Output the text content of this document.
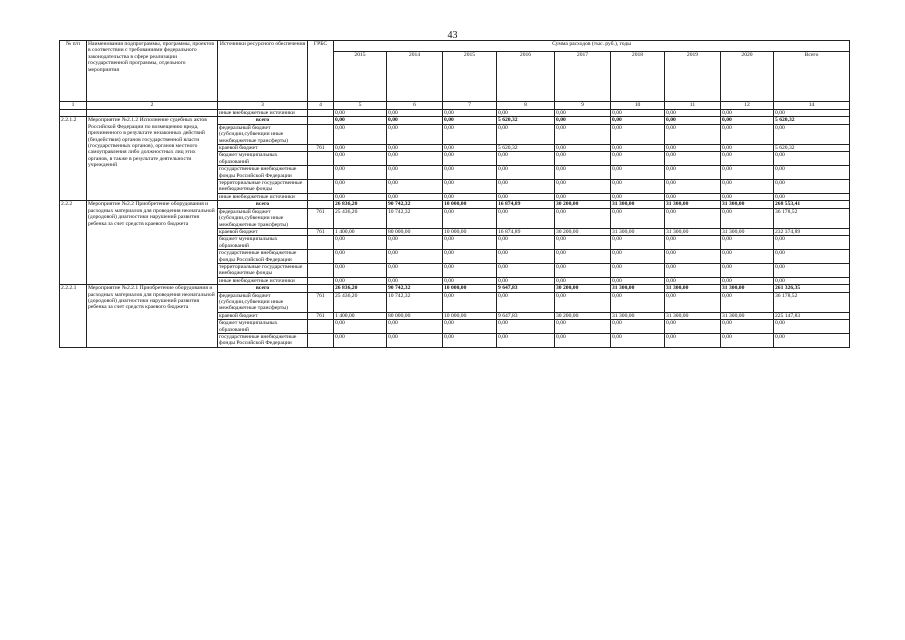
43
№ п/п	Наименования подпрограммы, программы, проектов в соответствии с требованиями федерального законодательства в сфере реализации государственной программы, отдельного мероприятия	Источники ресурсного обеспечения	ГРБС	Сумма расходов (тыс. руб.), годы								
				2015	2014	2015	2016	2017	2018	2019	2020	Всего
1	2	3	4	5	6	7	8	9	10	11	12	14
		иные внебюджетные источники		0,00	0,00	0,00	0,00	0,00	0,00	0,00	0,00	0,00
2.2.1.2	Мероприятие №2.1.2 Исполнение судебных актов Российской Федерации по возмещению вреда, причиненного в результате незаконных действий (бездействия) органов государственной власти (государственных органов), органов местного самоуправления либо должностных лиц этих органов, в также в результате деятельности учреждений	всего		0,00	0,00	0,00	5 620,32	0,00	0,00	0,00	0,00	5 620,32
		федеральный бюджет (субсидии,субвенции иные межбюджетные трансферты)		0,00	0,00	0,00	0,00	0,00	0,00	0,00	0,00	0,00
		краевой бюджет	761	0,00	0,00	0,00	5 620,32	0,00	0,00	0,00	0,00	5 620,32
		бюджет муниципальных образований		0,00	0,00	0,00	0,00	0,00	0,00	0,00	0,00	0,00
		государственные внебюджетные фонды Российской Федерации		0,00	0,00	0,00	0,00	0,00	0,00	0,00	0,00	0,00
		территориальные государственные внебюджетные фонды		0,00	0,00	0,00	0,00	0,00	0,00	0,00	0,00	0,00
		иные внебюджетные источники		0,00	0,00	0,00	0,00	0,00	0,00	0,00	0,00	0,00
2.2.2	Мероприятие №2.2 Приобретение оборудования и расходных материалов для проведения неонатальной (дородовой) диагностики нарушений развития ребенка за счет средств краевого бюджета	всего		26 836,20	90 742,32	10 000,00	16 874,89	30 200,00	31 300,00	31 300,00	31 300,00	268 553,41
		федеральный бюджет (субсидии,субвенции иные межбюджетные трансферты)	761	25 436,20	10 742,32	0,00	0,00	0,00	0,00	0,00	0,00	36 178,52
		краевой бюджет	761	1 400,00	80 000,00	10 000,00	16 874,89	30 200,00	31 300,00	31 300,00	31 300,00	232 374,89
		бюджет муниципальных образований		0,00	0,00	0,00	0,00	0,00	0,00	0,00	0,00	0,00
		государственные внебюджетные фонды Российской Федерации		0,00	0,00	0,00	0,00	0,00	0,00	0,00	0,00	0,00
		территориальные государственные внебюджетные фонды		0,00	0,00	0,00	0,00	0,00	0,00	0,00	0,00	0,00
		иные внебюджетные источники		0,00	0,00	0,00	0,00	0,00	0,00	0,00	0,00	0,00
2.2.2.1	Мероприятие №2.2.1 Приобретение оборудования и расходных материалов для проведения неонатальной (дородовой) диагностики нарушений развития ребенка за счет средств краевого бюджета	всего		26 836,20	90 742,32	10 000,00	9 647,83	30 200,00	31 300,00	31 300,00	31 300,00	261 326,35
		федеральный бюджет (субсидии,субвенции иные межбюджетные трансферты)	761	25 436,20	10 742,32	0,00	0,00	0,00	0,00	0,00	0,00	36 178,52
		краевой бюджет	761	1 400,00	80 000,00	10 000,00	9 647,83	30 200,00	31 300,00	31 300,00	31 300,00	225 147,83
		бюджет муниципальных образований		0,00	0,00	0,00	0,00	0,00	0,00	0,00	0,00	0,00
		государственные внебюджетные фонды Российской Федерации		0,00	0,00	0,00	0,00	0,00	0,00	0,00	0,00	0,00
